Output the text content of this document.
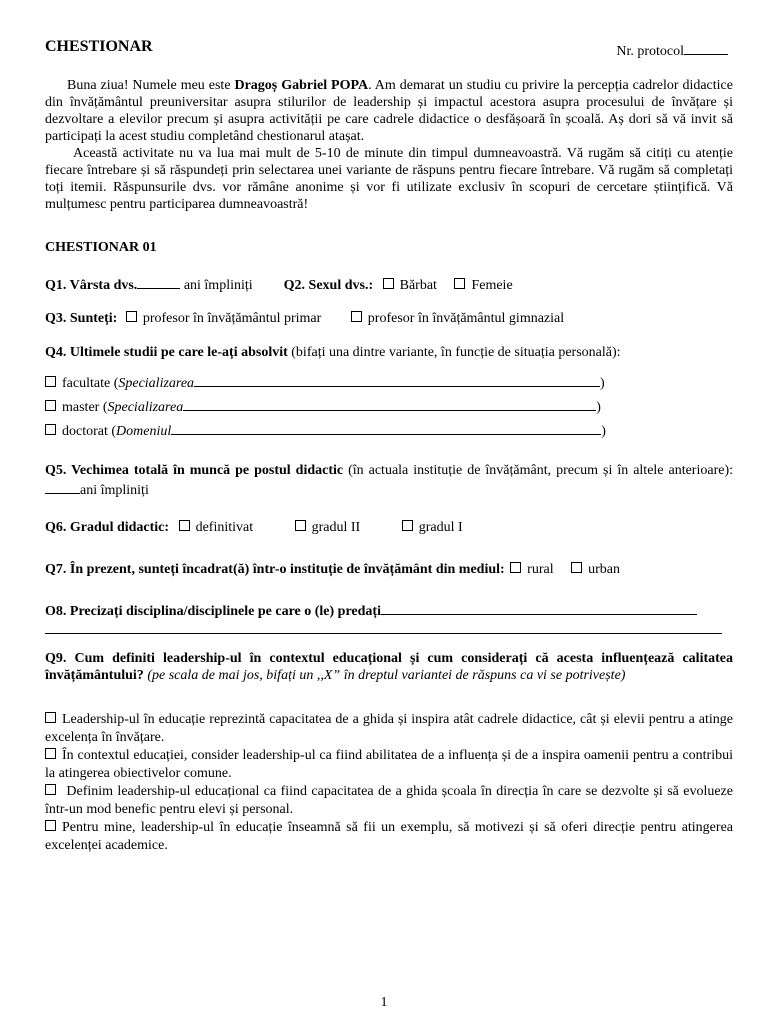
CHESTIONAR	Nr. protocol

Buna ziua! Numele meu este Dragoș Gabriel POPA. Am demarat un studiu cu privire la percepția cadrelor didactice din învățământul preuniversitar asupra stilurilor de leadership și impactul acestora asupra procesului de învățare și dezvoltare a elevilor precum și asupra activității pe care cadrele didactice o desfășoară în școală. Aș dori să vă invit să participați la acest studiu completând chestionarul atașat.

Această activitate nu va lua mai mult de 5-10 de minute din timpul dumneavoastră. Vă rugăm să citiți cu atenție fiecare întrebare și să răspundeți prin selectarea unei variante de răspuns pentru fiecare întrebare. Vă rugăm să completați toți itemii. Răspunsurile dvs. vor rămâne anonime și vor fi utilizate exclusiv în scopuri de cercetare științifică. Vă mulțumesc pentru participarea dumneavoastră!

CHESTIONAR 01
Q1. Vârsta dvs.	ani împliniți Q2. Sexul dvs.: Bărbat Femeie
Q3. Sunteți: profesor în învățământul primar	profesor în învățământul gimnazial
Q4. Ultimele studii pe care le-ați absolvit (bifați una dintre variante, în funcție de situația personală):
facultate (Specializarea	)
master (Specializarea	)
doctorat (Domeniul	)
Q5. Vechimea totală în muncă pe postul didactic (în actuala instituție de învățământ, precum și în altele anterioare):ani împliniți
Q6. Gradul didactic: definitivat	gradul II	gradul I
Q7. În prezent, sunteți încadrat(ă) într-o instituție de învățământ din mediul: rural urban
O8. Precizați disciplina/disciplinele pe care o (le) predați
Q9. Cum definiti leadership-ul în contextul educațional și cum considerați că acesta influențează calitatea învățământului? (pe scala de mai jos, bifați un ,,X” în dreptul variantei de răspuns ca vi se potrivește)
Leadership-ul în educație reprezintă capacitatea de a ghida și inspira atât cadrele didactice, cât și elevii pentru a atinge excelența în învățare.
În contextul educației, consider leadership-ul ca fiind abilitatea de a influența și de a inspira oamenii pentru a contribui la atingerea obiectivelor comune.
Definim leadership-ul educațional ca fiind capacitatea de a ghida școala în direcția în care se dezvolte și să evolueze într-un mod benefic pentru elevi și personal.
Pentru mine, leadership-ul în educație înseamnă să fii un exemplu, să motivezi și să oferi direcție pentru atingerea excelenței academice.
1
